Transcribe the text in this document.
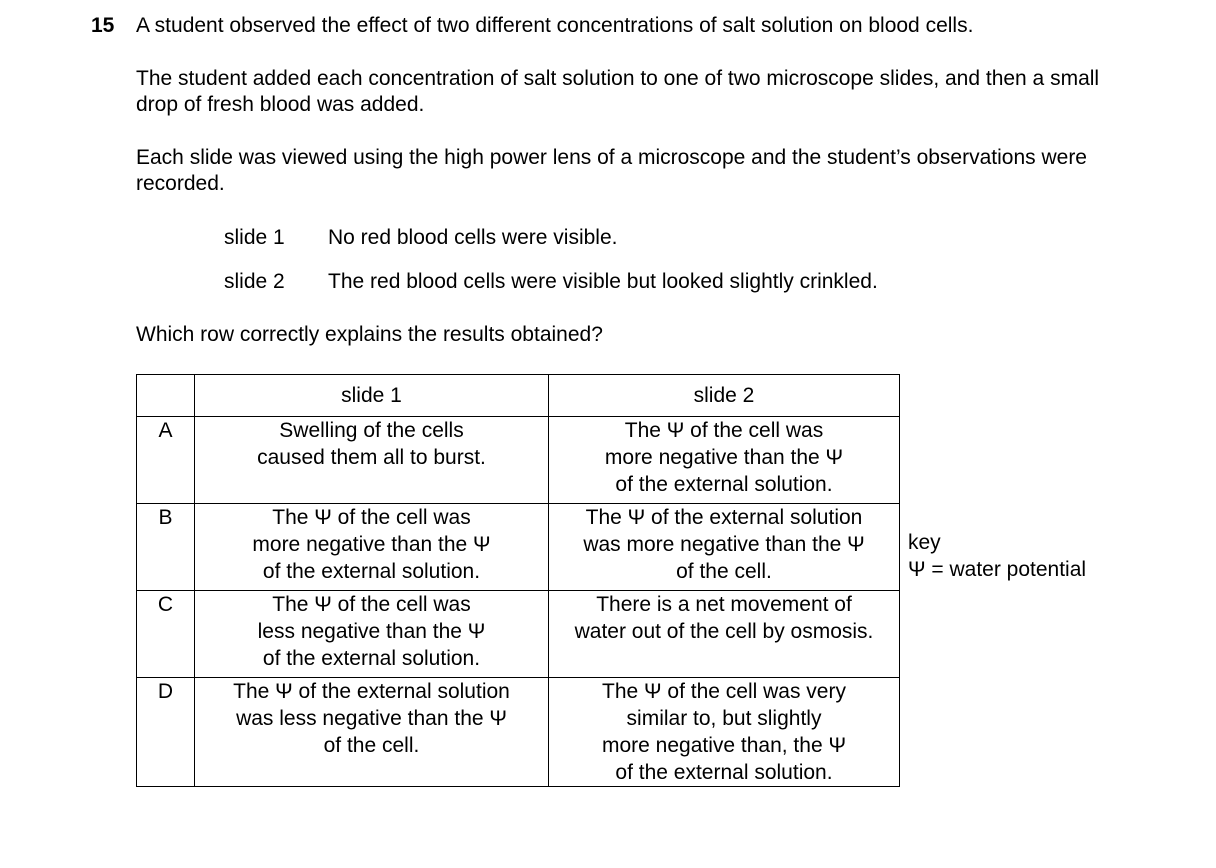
15 A student observed the effect of two different concentrations of salt solution on blood cells.

The student added each concentration of salt solution to one of two microscope slides, and then a small drop of fresh blood was added.

Each slide was viewed using the high power lens of a microscope and the student’s observations were recorded.

slide 1 No red blood cells were visible.
slide 2 The red blood cells were visible but looked slightly crinkled.

Which row correctly explains the results obtained?

	slide 1	slide 2
A	Swelling of the cells
caused them all to burst.	The Ψ of the cell was
more negative than the Ψ
of the external solution.

B	The Ψ of the cell was
more negative than the Ψ
of the external solution.	The Ψ of the external solution
was more negative than the Ψ
of the cell.

C	The Ψ of the cell was
less negative than the Ψ
of the external solution.	There is a net movement of
water out of the cell by osmosis.

D	The Ψ of the external solution
was less negative than the Ψ
of the cell.	The Ψ of the cell was very
similar to, but slightly
more negative than, the Ψ
of the external solution.
key
Ψ = water potential
